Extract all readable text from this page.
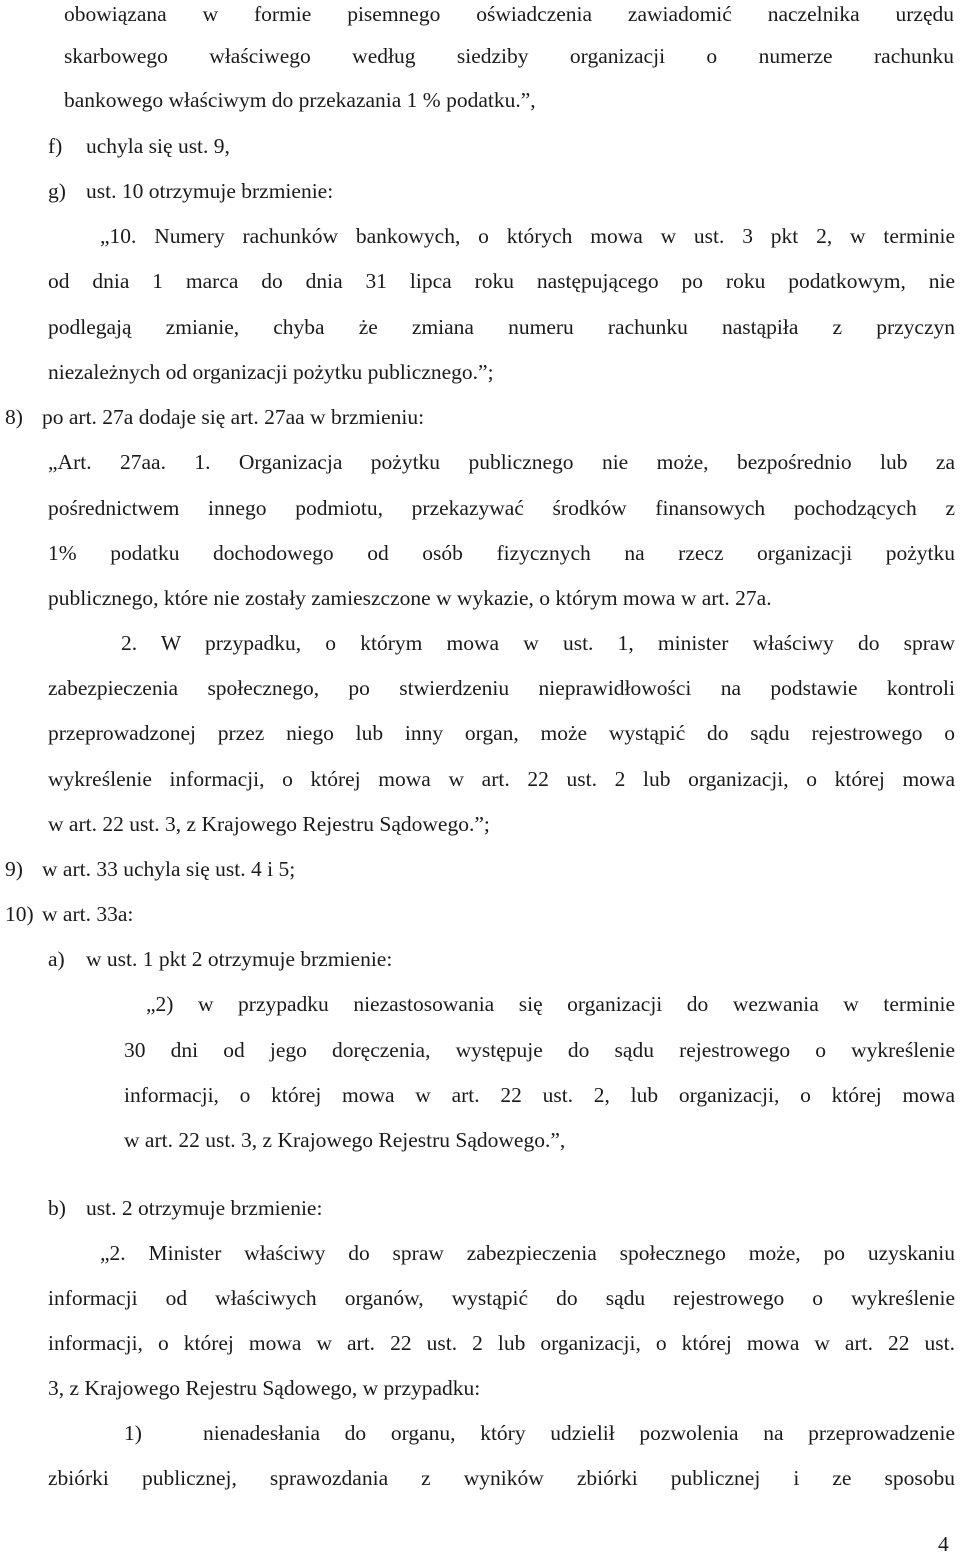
obowiązana w formie pisemnego oświadczenia zawiadomić naczelnika urzędu
skarbowego właściwego według siedziby organizacji o numerze rachunku
bankowego właściwym do przekazania 1 % podatku.”,
f) uchyla się ust. 9,
g) ust. 10 otrzymuje brzmienie:
„10. Numery rachunków bankowych, o których mowa w ust. 3 pkt 2, w terminie
od dnia 1 marca do dnia 31 lipca roku następującego po roku podatkowym, nie
podlegają zmianie, chyba że zmiana numeru rachunku nastąpiła z przyczyn
niezależnych od organizacji pożytku publicznego.”;
8) po art. 27a dodaje się art. 27aa w brzmieniu:
„Art. 27aa. 1. Organizacja pożytku publicznego nie może, bezpośrednio lub za
pośrednictwem innego podmiotu, przekazywać środków finansowych pochodzących z
1% podatku dochodowego od osób fizycznych na rzecz organizacji pożytku
publicznego, które nie zostały zamieszczone w wykazie, o którym mowa w art. 27a.
2. W przypadku, o którym mowa w ust. 1, minister właściwy do spraw
zabezpieczenia społecznego, po stwierdzeniu nieprawidłowości na podstawie kontroli
przeprowadzonej przez niego lub inny organ, może wystąpić do sądu rejestrowego o
wykreślenie informacji, o której mowa w art. 22 ust. 2 lub organizacji, o której mowa
w art. 22 ust. 3, z Krajowego Rejestru Sądowego.”;
9) w art. 33 uchyla się ust. 4 i 5;
10) w art. 33a:
a) w ust. 1 pkt 2 otrzymuje brzmienie:
„2) w przypadku niezastosowania się organizacji do wezwania w terminie
30 dni od jego doręczenia, występuje do sądu rejestrowego o wykreślenie
informacji, o której mowa w art. 22 ust. 2, lub organizacji, o której mowa
w art. 22 ust. 3, z Krajowego Rejestru Sądowego.”,
b) ust. 2 otrzymuje brzmienie:
„2. Minister właściwy do spraw zabezpieczenia społecznego może, po uzyskaniu
informacji od właściwych organów, wystąpić do sądu rejestrowego o wykreślenie
informacji, o której mowa w art. 22 ust. 2 lub organizacji, o której mowa w art. 22 ust.
3, z Krajowego Rejestru Sądowego, w przypadku:
1)	nienadesłania do organu, który udzielił pozwolenia na przeprowadzenie
zbiórki publicznej, sprawozdania z wyników zbiórki publicznej i ze sposobu
4
